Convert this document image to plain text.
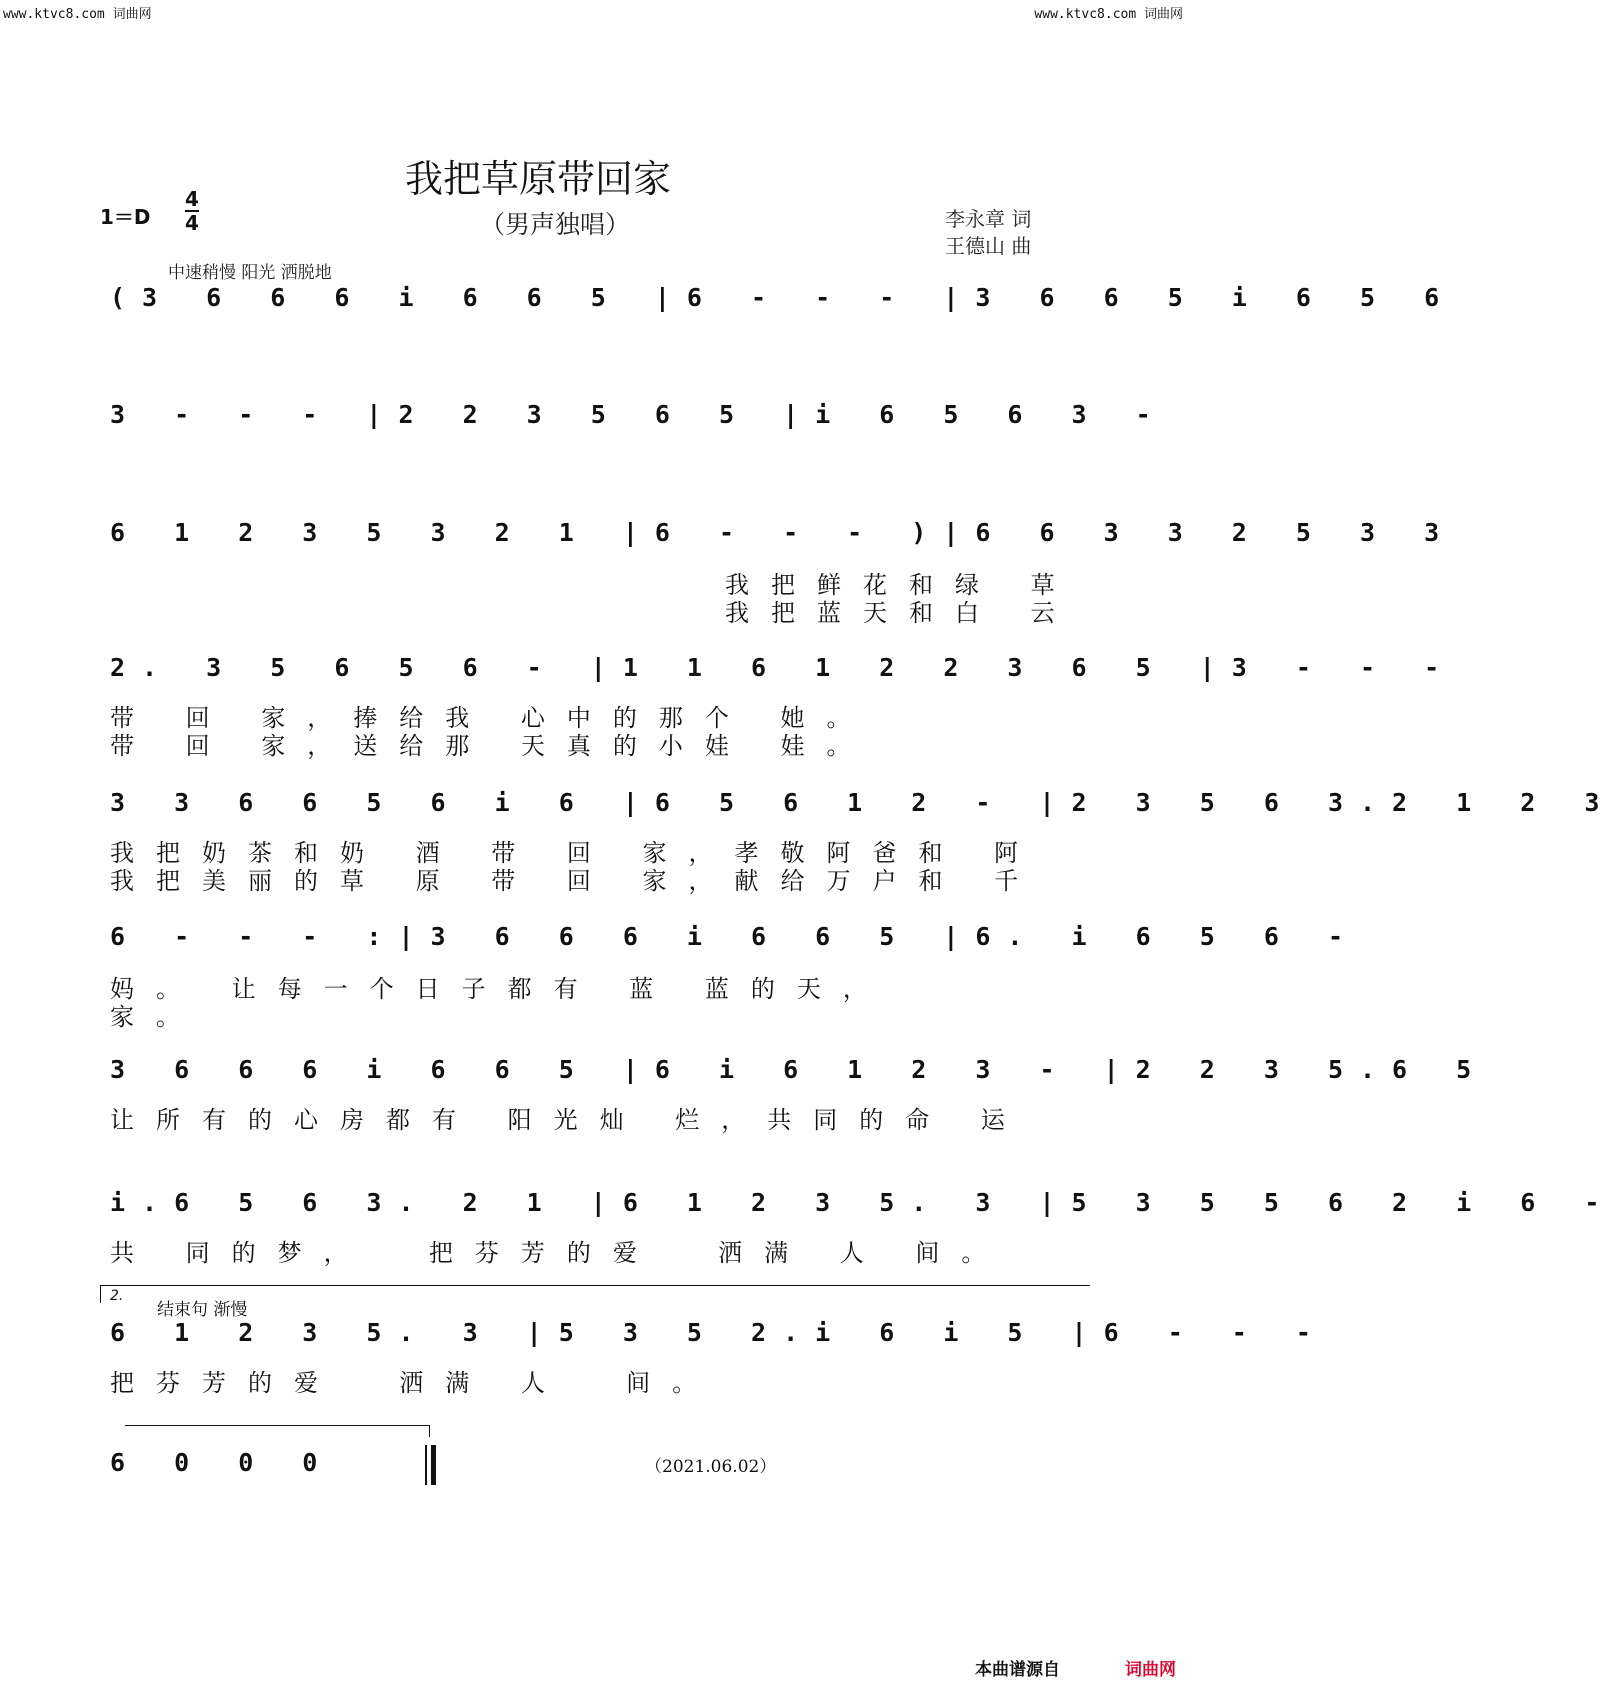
www.ktvc8.com 词曲网	www.ktvc8.com 词曲网
我把草原带回家
（男声独唱）
1＝D
4
4	李永章 词
王德山 曲
中速稍慢 阳光 洒脱地
(3 6 6 6 i 6 6 5 |6 - - - |3 6 6 5 i 6 5 6
3 - - - |2 2 3 5 6 5 |i 6 5 6 3 -
6 1 2 3 5 3 2 1 |6 - - - )|6 6 3 3 2 5 3 3
我把鲜花和绿 草
我把蓝天和白 云
2. 3 5 6 5 6 - |1 1 6 1 2 2 3 6 5 |3 - - -
带 回 家，捧给我 心中的那个 她。
带 回 家，送给那 天真的小娃 娃。
3 3 6 6 5 6 i 6 |6 5 6 1 2 - |2 3 5 6 3.2 1 2 3
我把奶茶和奶 酒 带 回 家，孝敬阿爸和 阿
我把美丽的草 原 带 回 家，献给万户和 千
6 - - - :|3 6 6 6 i 6 6 5 |6. i 6 5 6 -
妈。 让每一个日子都有 蓝 蓝的天，
家。
3 6 6 6 i 6 6 5 |6 i 6 1 2 3 - |2 2 3 5.6 5
让所有的心房都有 阳光灿 烂，共同的命 运
i.6 5 6 3. 2 1 |6 1 2 3 5. 3 |5 3 5 5 6 2 i 6 -
共 同的梦，  把芬芳的爱  洒满 人 间。
2.
结束句 渐慢
6 1 2 3 5. 3 |5 3 5 2.i 6 i 5 |6 - - -
把芬芳的爱  洒满 人  间。
6 0 0 0	（2021.06.02）
本曲谱源自	词曲网
